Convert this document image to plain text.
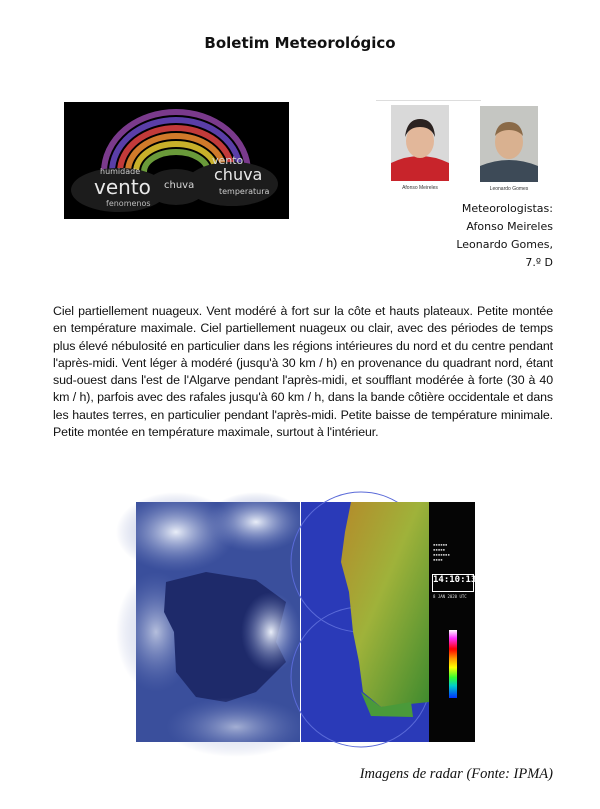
Boletim Meteorológico
vento
chuva
humidade
fenomenos
temperatura
chuva
vento
Afonso Meireles	Leonardo Gomes
Meteorologistas:
Afonso Meireles
Leonardo Gomes,
7.º D
Ciel partiellement nuageux. Vent modéré à fort sur la côte et hauts plateaux. Petite montée en température maximale. Ciel partiellement nuageux ou clair, avec des périodes de temps plus élevé nébulosité en particulier dans les régions intérieures du nord et du centre pendant l'après-midi. Vent léger à modéré (jusqu'à 30 km / h) en provenance du quadrant nord, étant sud-ouest dans l'est de l'Algarve pendant l'après-midi, et soufflant modérée à forte (30 à 40 km / h), parfois avec des rafales jusqu'à 60 km / h, dans la bande côtière occidentale et dans les hautes terres, en particulier pendant l'après-midi. Petite baisse de température minimale. Petite montée en température maximale, surtout à l'intérieur.
▪▪▪▪▪▪
▪▪▪▪▪
▪▪▪▪▪▪▪
▪▪▪▪
14:10:132
8 JAN 2020 UTC
Imagens de radar (Fonte: IPMA)
